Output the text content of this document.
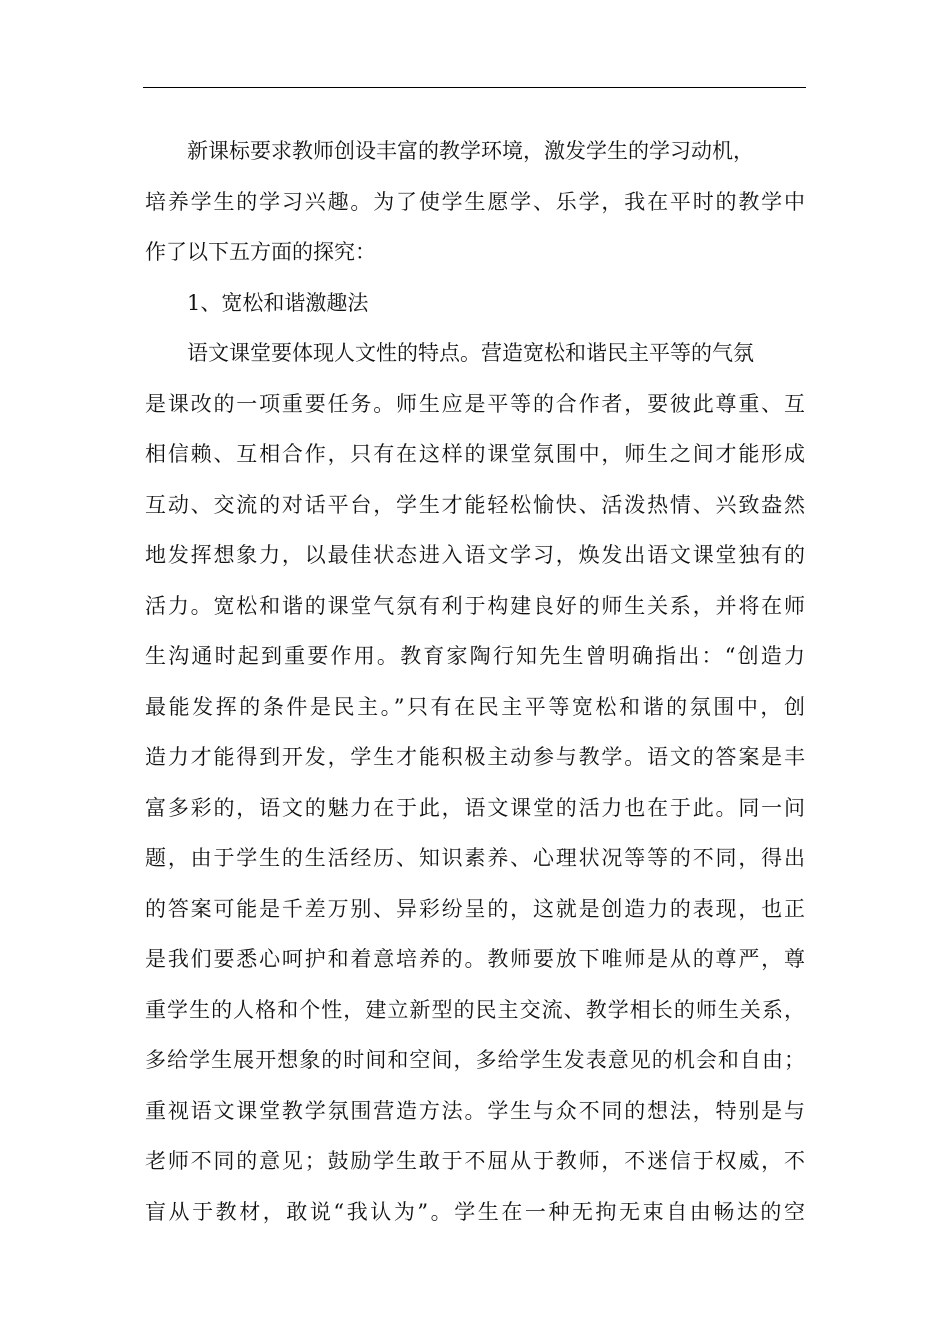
新课标要求教师创设丰富的教学环境，激发学生的学习动机，
培养学生的学习兴趣。为了使学生愿学、乐学，我在平时的教学中
作了以下五方面的探究：
1、宽松和谐激趣法
语文课堂要体现人文性的特点。营造宽松和谐民主平等的气氛
是课改的一项重要任务。师生应是平等的合作者，要彼此尊重、互
相信赖、互相合作，只有在这样的课堂氛围中，师生之间才能形成
互动、交流的对话平台，学生才能轻松愉快、活泼热情、兴致盎然
地发挥想象力，以最佳状态进入语文学习，焕发出语文课堂独有的
活力。宽松和谐的课堂气氛有利于构建良好的师生关系，并将在师
生沟通时起到重要作用。教育家陶行知先生曾明确指出：“创造力
最能发挥的条件是民主。”只有在民主平等宽松和谐的氛围中，创
造力才能得到开发，学生才能积极主动参与教学。语文的答案是丰
富多彩的，语文的魅力在于此，语文课堂的活力也在于此。同一问
题，由于学生的生活经历、知识素养、心理状况等等的不同，得出
的答案可能是千差万别、异彩纷呈的，这就是创造力的表现，也正
是我们要悉心呵护和着意培养的。教师要放下唯师是从的尊严，尊
重学生的人格和个性，建立新型的民主交流、教学相长的师生关系，
多给学生展开想象的时间和空间，多给学生发表意见的机会和自由；
重视语文课堂教学氛围营造方法。学生与众不同的想法，特别是与
老师不同的意见；鼓励学生敢于不屈从于教师，不迷信于权威，不
盲从于教材，敢说“我认为”。学生在一种无拘无束自由畅达的空
